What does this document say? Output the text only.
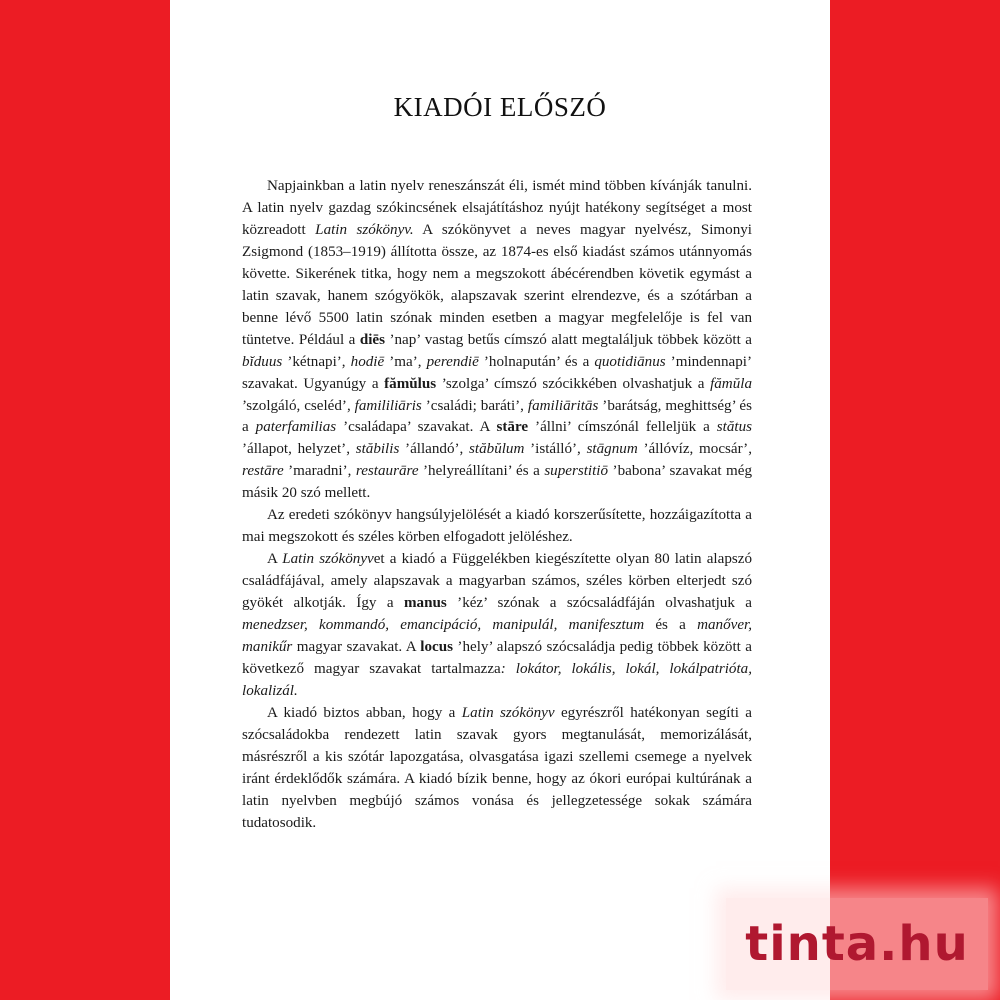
KIADÓI ELŐSZÓ

Napjainkban a latin nyelv reneszánszát éli, ismét mind többen kívánják tanulni. A latin nyelv gazdag szókincsének elsajátításhoz nyújt hatékony segítséget a most közreadott Latin szókönyv. A szókönyvet a neves magyar nyelvész, Simonyi Zsigmond (1853–1919) állította össze, az 1874-es első kiadást számos utánnyomás követte. Sikerének titka, hogy nem a megszokott ábécérendben követik egymást a latin szavak, hanem szógyökök, alapszavak szerint elrendezve, és a szótárban a benne lévő 5500 latin szónak minden esetben a magyar megfelelője is fel van tüntetve. Például a diēs ’nap’ vastag betűs címszó alatt megtalálјuk többek között a bĭduus ’kétnapi’, hodiē ’ma’, perendiē ’holnapután’ és a quotidiānus ’mindennapi’ szavakat. Ugyanúgy a fămŭlus ’szolga’ címszó szócikkében olvashatjuk a fămŭla ’szolgáló, cseléd’, famililiāris ’családi; baráti’, familiāritās ’barátság, meghittség’ és a paterfamilias ’családapa’ szavakat. A stāre ’állni’ címszónál felleljük a stătus ’állapot, helyzet’, stăbilis ’állandó’, stăbŭlum ’istálló’, stāgnum ’állóvíz, mocsár’, restāre ’maradni’, restaurāre ’helyreállítani’ és a superstitiō ’babona’ szavakat még másik 20 szó mellett.

Az eredeti szókönyv hangsúlyjelölését a kiadó korszerűsítette, hozzáigazította a mai megszokott és széles körben elfogadott jelöléshez.

A Latin szókönyvet a kiadó a Függelékben kiegészítette olyan 80 latin alapszó családfájával, amely alapszavak a magyarban számos, széles körben elterjedt szó gyökét alkotják. Így a manus ’kéz’ szónak a szócsaládfáján olvashatjuk a menedzser, kommandó, emancipáció, manipulál, manifesztum és a manőver, manikűr magyar szavakat. A locus ’hely’ alapszó szócsaládja pedig többek között a következő magyar szavakat tartalmazza: lokátor, lokális, lokál, lokálpatrióta, lokalizál.

A kiadó biztos abban, hogy a Latin szókönyv egyrészről hatékonyan segíti a szócsaládokba rendezett latin szavak gyors megtanulását, memorizálását, másrészről a kis szótár lapozgatása, olvasgatása igazi szellemi csemege a nyelvek iránt érdeklődők számára. A kiadó bízik benne, hogy az ókori európai kultúrának a latin nyelvben megbújó számos vonása és jellegzetessége sokak számára tudatosodik.

tinta.hu
